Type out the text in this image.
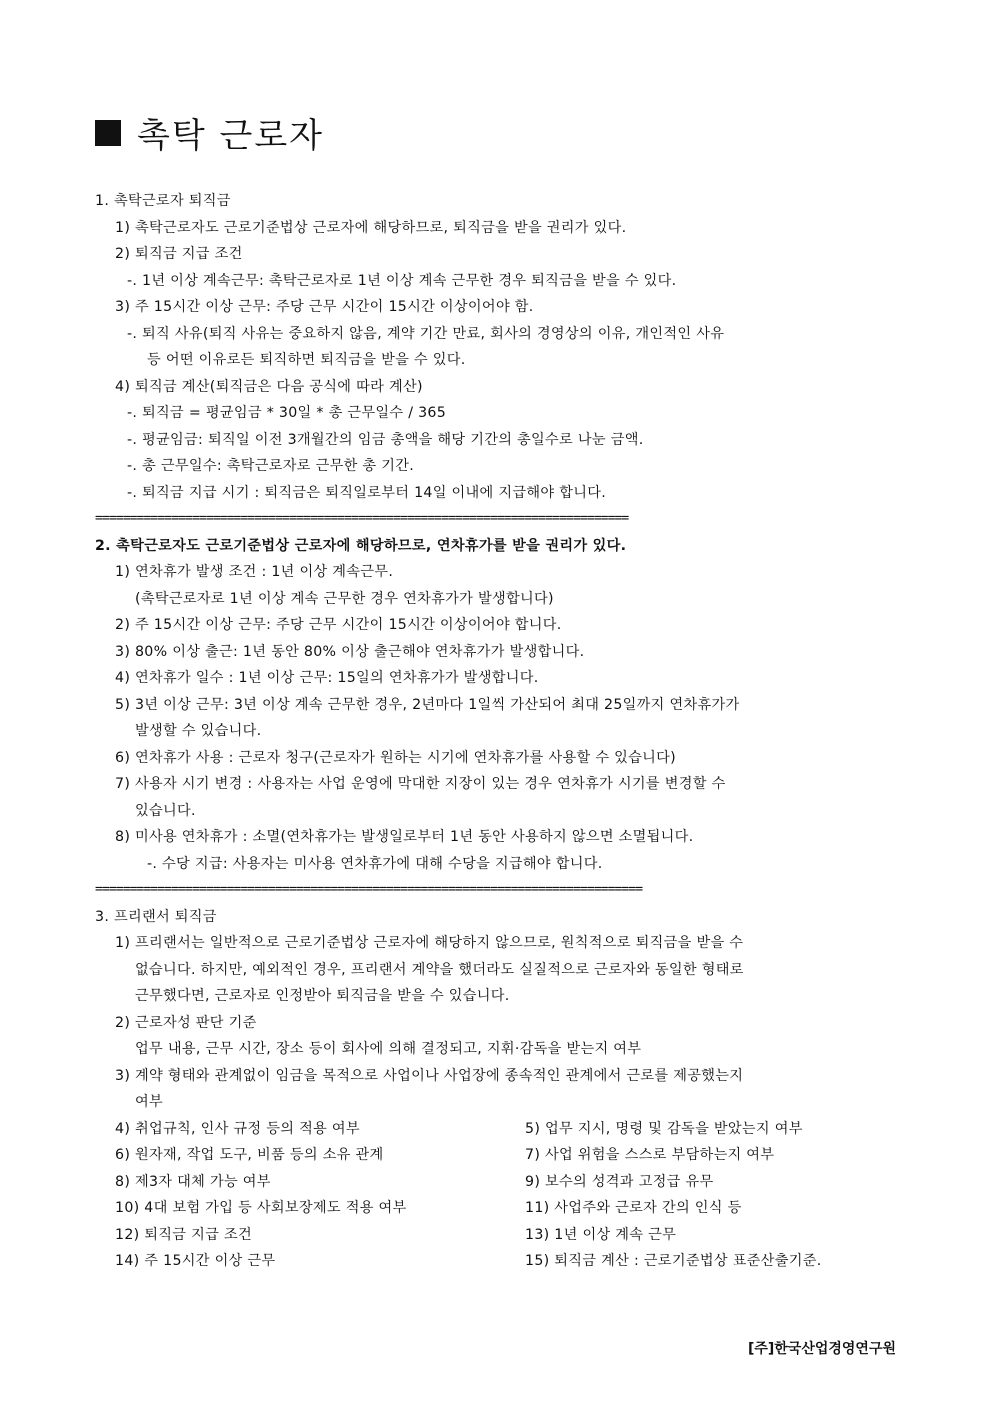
촉탁 근로자
1. 촉탁근로자 퇴직금
1) 촉탁근로자도 근로기준법상 근로자에 해당하므로, 퇴직금을 받을 권리가 있다.
2) 퇴직금 지급 조건
-. 1년 이상 계속근무: 촉탁근로자로 1년 이상 계속 근무한 경우 퇴직금을 받을 수 있다.
3) 주 15시간 이상 근무: 주당 근무 시간이 15시간 이상이어야 함.
-. 퇴직 사유(퇴직 사유는 중요하지 않음, 계약 기간 만료, 회사의 경영상의 이유, 개인적인 사유
등 어떤 이유로든 퇴직하면 퇴직금을 받을 수 있다.
4) 퇴직금 계산(퇴직금은 다음 공식에 따라 계산)
-. 퇴직금 = 평균임금 * 30일 * 총 근무일수 / 365
-. 평균임금: 퇴직일 이전 3개월간의 임금 총액을 해당 기간의 총일수로 나눈 금액.
-. 총 근무일수: 촉탁근로자로 근무한 총 기간.
-. 퇴직금 지급 시기 : 퇴직금은 퇴직일로부터 14일 이내에 지급해야 합니다.
=============================================================================
2. 촉탁근로자도 근로기준법상 근로자에 해당하므로, 연차휴가를 받을 권리가 있다.
1) 연차휴가 발생 조건 : 1년 이상 계속근무.
(촉탁근로자로 1년 이상 계속 근무한 경우 연차휴가가 발생합니다)
2) 주 15시간 이상 근무: 주당 근무 시간이 15시간 이상이어야 합니다.
3) 80% 이상 출근: 1년 동안 80% 이상 출근해야 연차휴가가 발생합니다.
4) 연차휴가 일수 : 1년 이상 근무: 15일의 연차휴가가 발생합니다.
5) 3년 이상 근무: 3년 이상 계속 근무한 경우, 2년마다 1일씩 가산되어 최대 25일까지 연차휴가가
발생할 수 있습니다.
6) 연차휴가 사용 : 근로자 청구(근로자가 원하는 시기에 연차휴가를 사용할 수 있습니다)
7) 사용자 시기 변경 : 사용자는 사업 운영에 막대한 지장이 있는 경우 연차휴가 시기를 변경할 수
있습니다.
8) 미사용 연차휴가 : 소멸(연차휴가는 발생일로부터 1년 동안 사용하지 않으면 소멸됩니다.
-. 수당 지급: 사용자는 미사용 연차휴가에 대해 수당을 지급해야 합니다.
===============================================================================
3. 프리랜서 퇴직금
1) 프리랜서는 일반적으로 근로기준법상 근로자에 해당하지 않으므로, 원칙적으로 퇴직금을 받을 수
없습니다. 하지만, 예외적인 경우, 프리랜서 계약을 했더라도 실질적으로 근로자와 동일한 형태로
근무했다면, 근로자로 인정받아 퇴직금을 받을 수 있습니다.
2) 근로자성 판단 기준
업무 내용, 근무 시간, 장소 등이 회사에 의해 결정되고, 지휘·감독을 받는지 여부
3) 계약 형태와 관계없이 임금을 목적으로 사업이나 사업장에 종속적인 관계에서 근로를 제공했는지
여부
4) 취업규칙, 인사 규정 등의 적용 여부	5) 업무 지시, 명령 및 감독을 받았는지 여부
6) 원자재, 작업 도구, 비품 등의 소유 관계	7) 사업 위험을 스스로 부담하는지 여부
8) 제3자 대체 가능 여부	9) 보수의 성격과 고정급 유무
10) 4대 보험 가입 등 사회보장제도 적용 여부	11) 사업주와 근로자 간의 인식 등
12) 퇴직금 지급 조건	13) 1년 이상 계속 근무
14) 주 15시간 이상 근무	15) 퇴직금 계산 : 근로기준법상 표준산출기준.
[주]한국산업경영연구원
